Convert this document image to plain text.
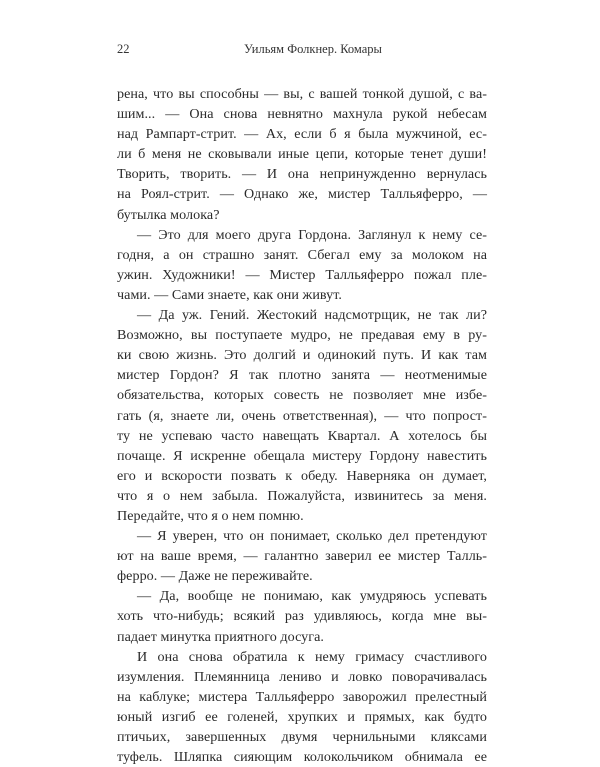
22	Уильям Фолкнер. Комары
рена, что вы способны — вы, с вашей тонкой душой, с ва-
шим... — Она снова невнятно махнула рукой небесам
над Рампарт-стрит. — Ах, если б я была мужчиной, ес-
ли б меня не сковывали иные цепи, которые тенет души!
Творить, творить. — И она непринужденно вернулась
на Роял-стрит. — Однако же, мистер Талльяферро, —
бутылка молока?
— Это для моего друга Гордона. Заглянул к нему се-
годня, а он страшно занят. Сбегал ему за молоком на
ужин. Художники! — Мистер Талльяферро пожал пле-
чами. — Сами знаете, как они живут.
— Да уж. Гений. Жестокий надсмотрщик, не так ли?
Возможно, вы поступаете мудро, не предавая ему в ру-
ки свою жизнь. Это долгий и одинокий путь. И как там
мистер Гордон? Я так плотно занята — неотменимые
обязательства, которых совесть не позволяет мне избе-
гать (я, знаете ли, очень ответственная), — что попрост-
ту не успеваю часто навещать Квартал. А хотелось бы
почаще. Я искренне обещала мистеру Гордону навестить
его и вскорости позвать к обеду. Наверняка он думает,
что я о нем забыла. Пожалуйста, извинитесь за меня.
Передайте, что я о нем помню.
— Я уверен, что он понимает, сколько дел претендуют
ют на ваше время, — галантно заверил ее мистер Талль-
ферро. — Даже не переживайте.
— Да, вообще не понимаю, как умудряюсь успевать
хоть что-нибудь; всякий раз удивляюсь, когда мне вы-
падает минутка приятного досуга.
И она снова обратила к нему гримасу счастливого
изумления. Племянница лениво и ловко поворачивалась
на каблуке; мистера Талльяферро заворожил прелестный
юный изгиб ее голеней, хрупких и прямых, как будто
птичьих, завершенных двумя чернильными кляксами
туфель. Шляпка сияющим колокольчиком обнимала ее
